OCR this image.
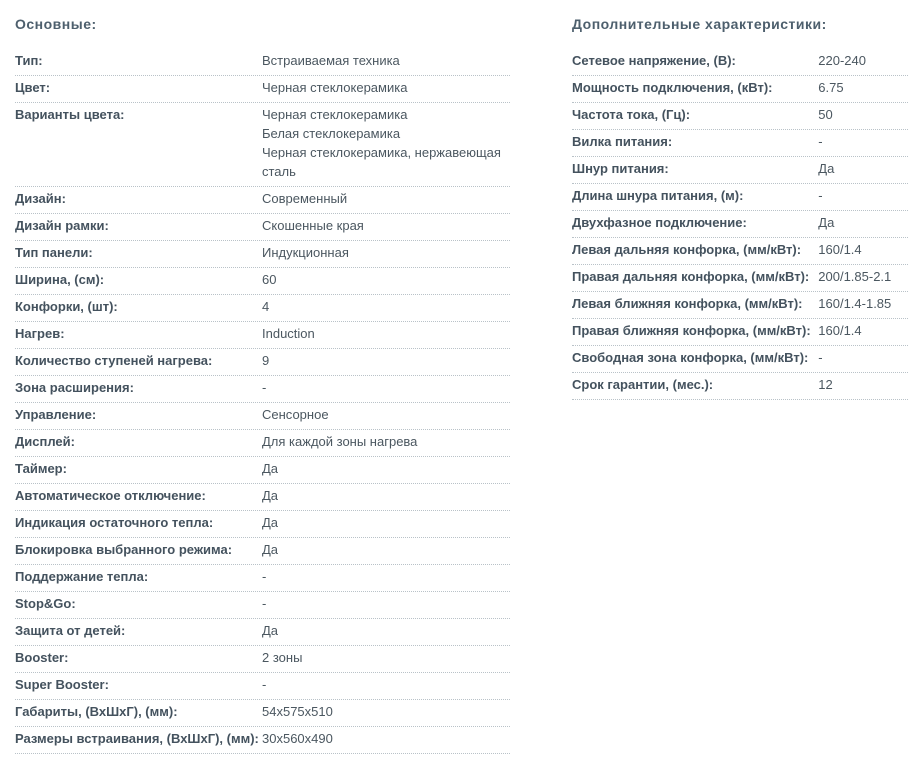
Основные:
Тип:	Встраиваемая техника
Цвет:	Черная стеклокерамика
Варианты цвета:	Черная стеклокерамика
Белая стеклокерамика
Черная стеклокерамика, нержавеющая
сталь
Дизайн:	Современный
Дизайн рамки:	Скошенные края
Тип панели:	Индукционная
Ширина, (см):	60
Конфорки, (шт):	4
Нагрев:	Induction
Количество ступеней нагрева:	9
Зона расширения:	-
Управление:	Сенсорное
Дисплей:	Для каждой зоны нагрева
Таймер:	Да
Автоматическое отключение:	Да
Индикация остаточного тепла:	Да
Блокировка выбранного режима:	Да
Поддержание тепла:	-
Stop&Go:	-
Защита от детей:	Да
Booster:	2 зоны
Super Booster:	-
Габариты, (ВхШхГ), (мм):	54x575x510
Размеры встраивания, (ВхШхГ), (мм): 30x560x490
Дополнительные характеристики:
Сетевое напряжение, (В):	220-240
Мощность подключения, (кВт):	6.75
Частота тока, (Гц):	50
Вилка питания:	-
Шнур питания:	Да
Длина шнура питания, (м):	-
Двухфазное подключение:	Да
Левая дальняя конфорка, (мм/кВт):	160/1.4
Правая дальняя конфорка, (мм/кВт): 200/1.85-2.1
Левая ближняя конфорка, (мм/кВт):	160/1.4-1.85
Правая ближняя конфорка, (мм/кВт): 160/1.4
Свободная зона конфорка, (мм/кВт): -
Срок гарантии, (мес.):	12
